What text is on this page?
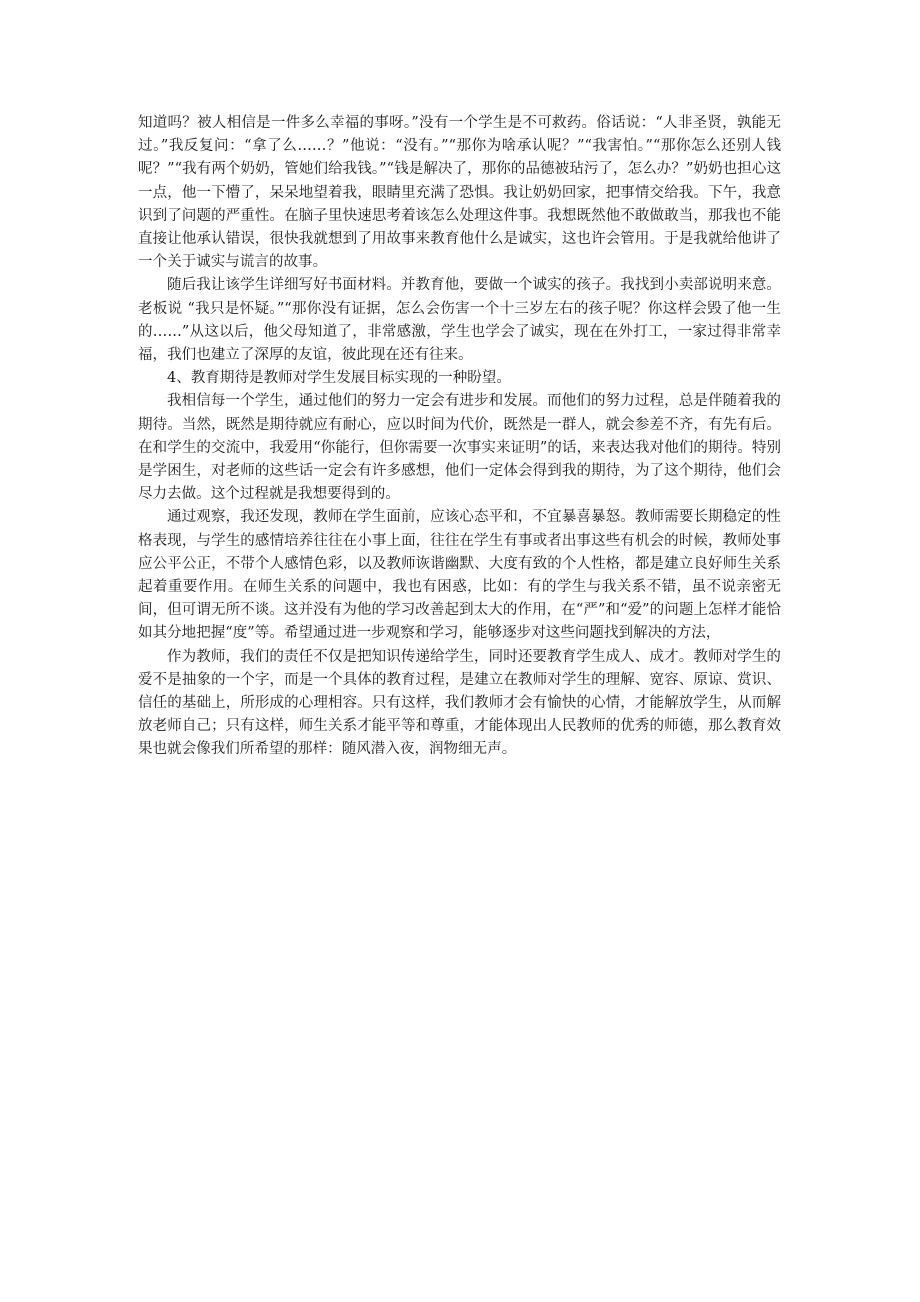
知道吗？被人相信是一件多么幸福的事呀。”没有一个学生是不可救药。俗话说：“人非圣贤，孰能无过。”我反复问：“拿了么……？”他说：“没有。”“那你为啥承认呢？”“我害怕。”“那你怎么还别人钱呢？”“我有两个奶奶，管她们给我钱。”“钱是解决了，那你的品德被玷污了，怎么办？”奶奶也担心这一点，他一下懵了，呆呆地望着我，眼睛里充满了恐惧。我让奶奶回家，把事情交给我。下午，我意识到了问题的严重性。在脑子里快速思考着该怎么处理这件事。我想既然他不敢做敢当，那我也不能直接让他承认错误，很快我就想到了用故事来教育他什么是诚实，这也许会管用。于是我就给他讲了一个关于诚实与谎言的故事。

随后我让该学生详细写好书面材料。并教育他，要做一个诚实的孩子。我找到小卖部说明来意。老板说 “我只是怀疑。”“那你没有证据，怎么会伤害一个十三岁左右的孩子呢？你这样会毁了他一生的……”从这以后，他父母知道了，非常感激，学生也学会了诚实，现在在外打工，一家过得非常幸福，我们也建立了深厚的友谊，彼此现在还有往来。

4、教育期待是教师对学生发展目标实现的一种盼望。

我相信每一个学生，通过他们的努力一定会有进步和发展。而他们的努力过程，总是伴随着我的期待。当然，既然是期待就应有耐心，应以时间为代价，既然是一群人，就会参差不齐，有先有后。在和学生的交流中，我爱用“你能行，但你需要一次事实来证明”的话，来表达我对他们的期待。特别是学困生，对老师的这些话一定会有许多感想，他们一定体会得到我的期待，为了这个期待，他们会尽力去做。这个过程就是我想要得到的。

通过观察，我还发现，教师在学生面前，应该心态平和，不宜暴喜暴怒。教师需要长期稳定的性格表现，与学生的感情培养往往在小事上面，往往在学生有事或者出事这些有机会的时候，教师处事应公平公正，不带个人感情色彩，以及教师诙谐幽默、大度有致的个人性格，都是建立良好师生关系起着重要作用。在师生关系的问题中，我也有困惑，比如：有的学生与我关系不错，虽不说亲密无间，但可谓无所不谈。这并没有为他的学习改善起到太大的作用，在“严”和“爱”的问题上怎样才能恰如其分地把握“度”等。希望通过进一步观察和学习，能够逐步对这些问题找到解决的方法，

作为教师，我们的责任不仅是把知识传递给学生，同时还要教育学生成人、成才。教师对学生的爱不是抽象的一个字，而是一个具体的教育过程，是建立在教师对学生的理解、宽容、原谅、赏识、信任的基础上，所形成的心理相容。只有这样，我们教师才会有愉快的心情，才能解放学生，从而解放老师自己；只有这样，师生关系才能平等和尊重，才能体现出人民教师的优秀的师德，那么教育效果也就会像我们所希望的那样：随风潜入夜，润物细无声。
